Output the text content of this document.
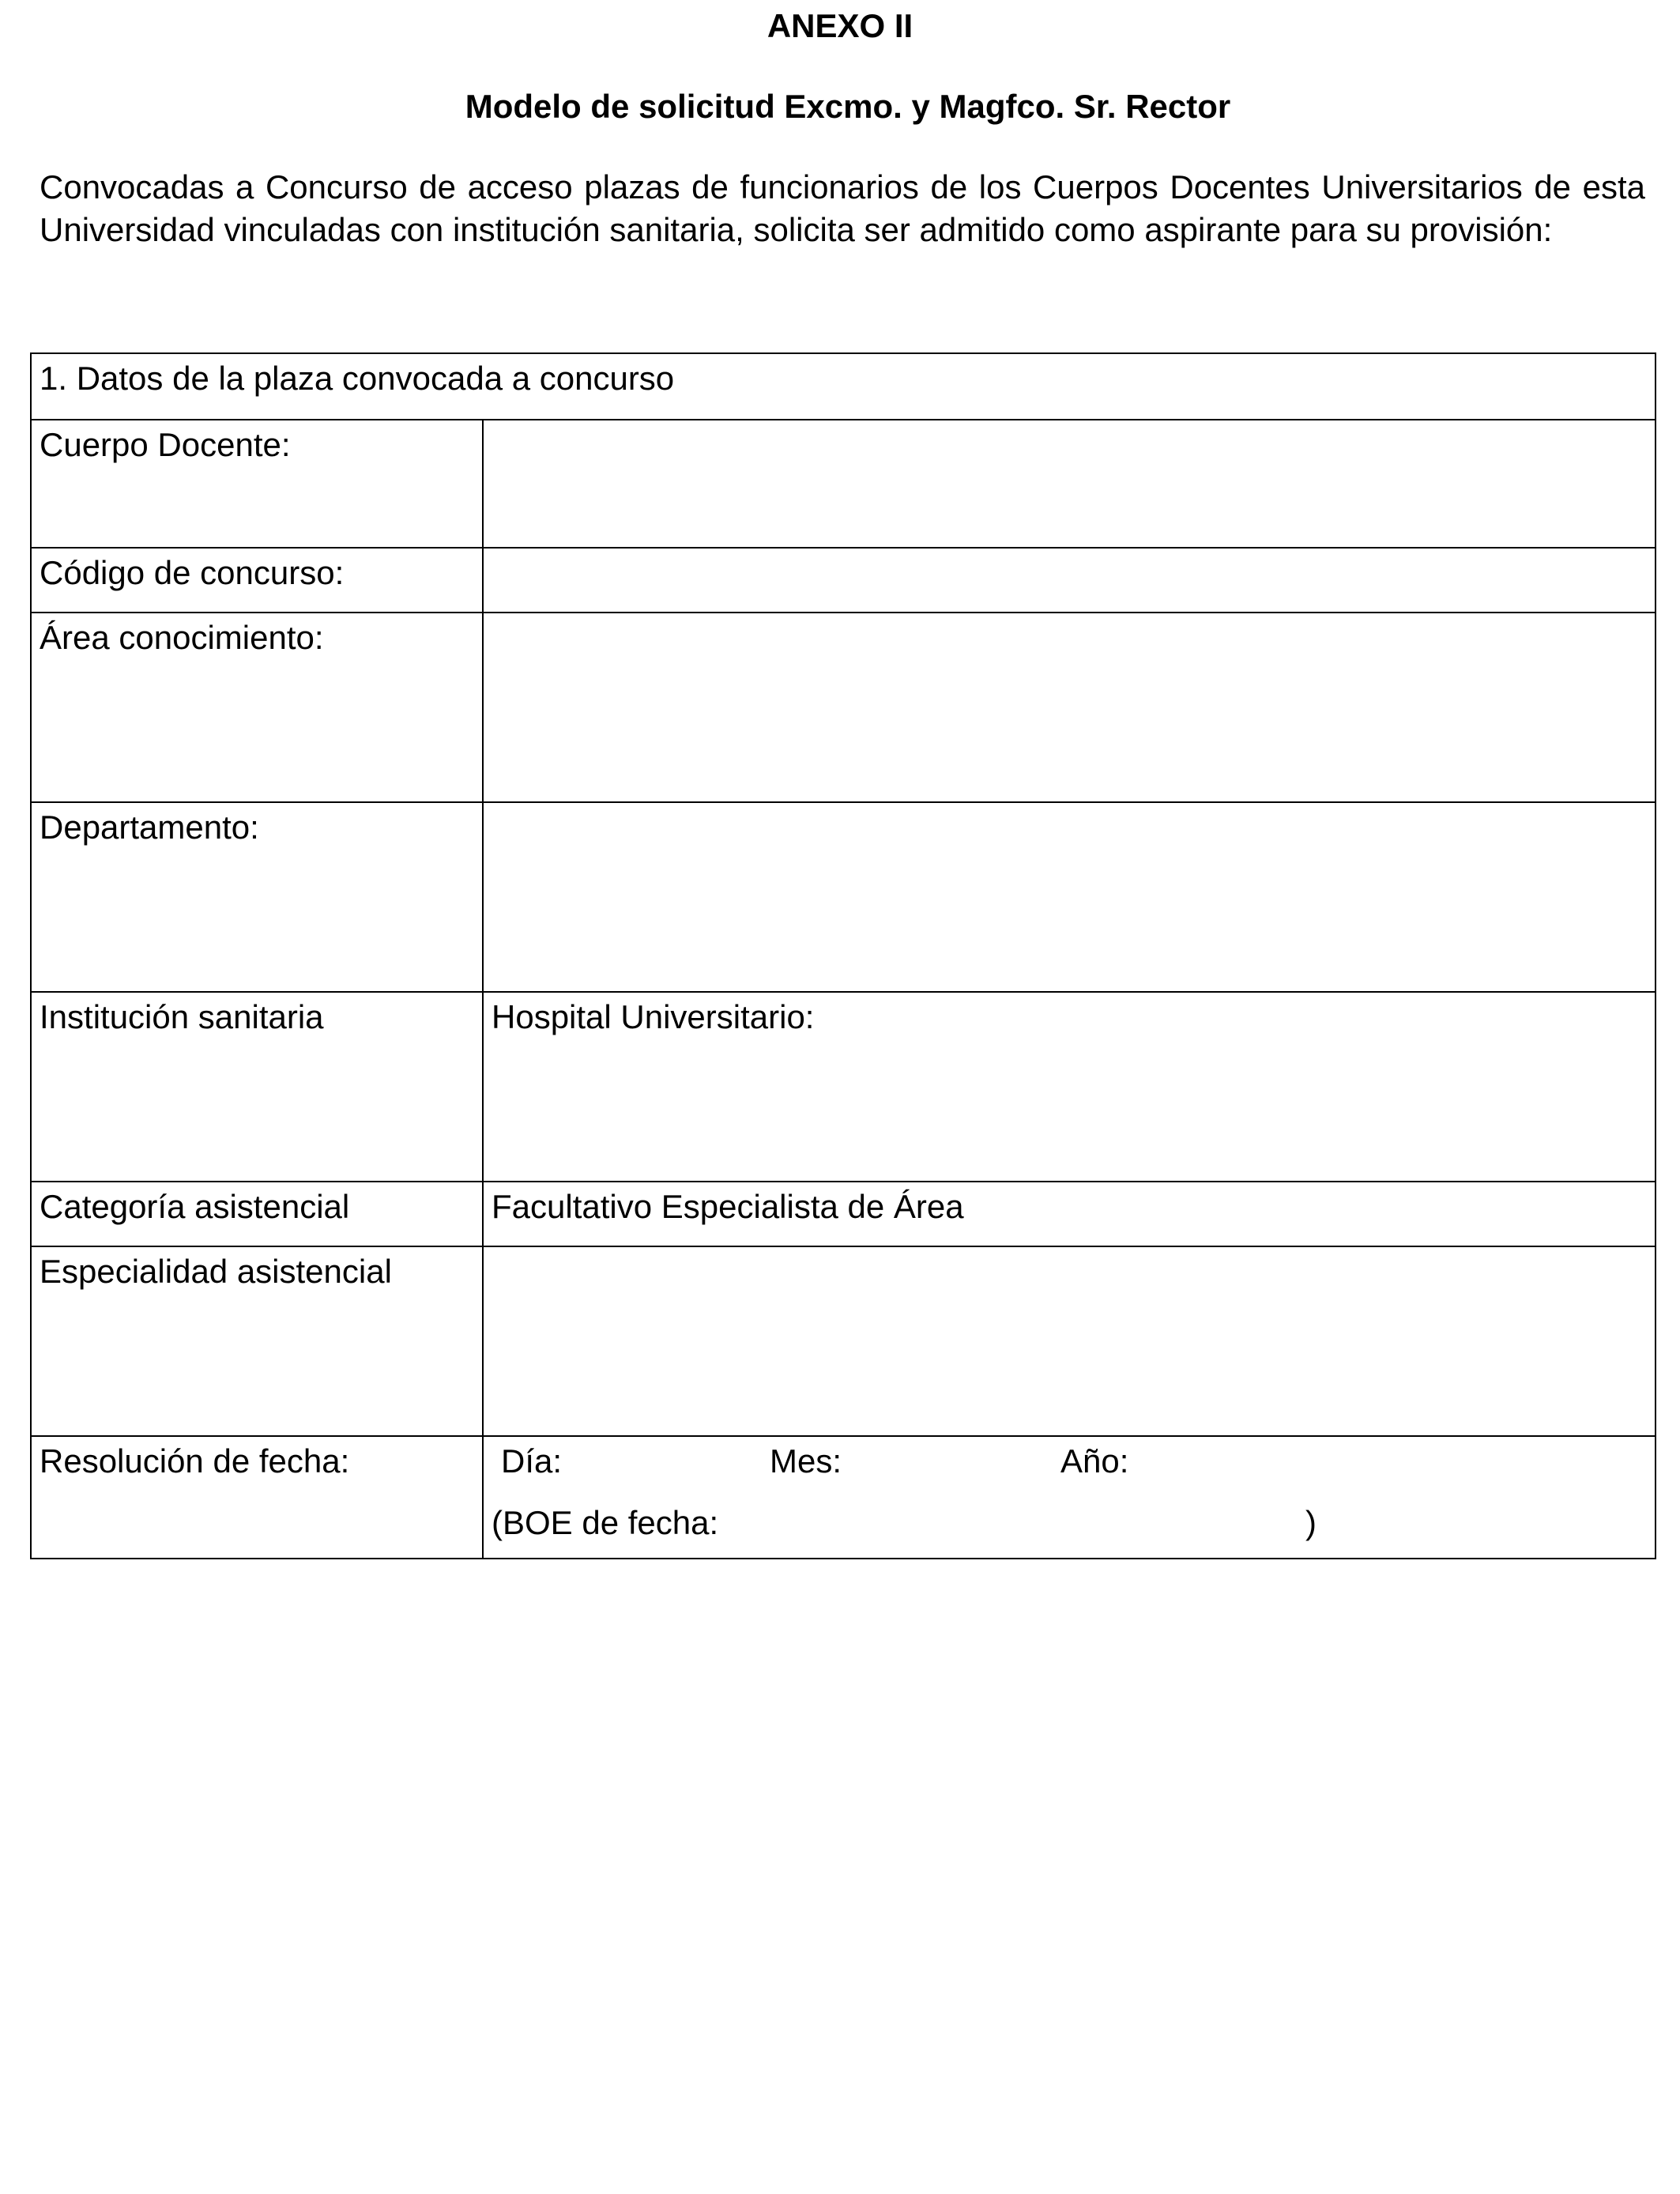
ANEXO II
Modelo de solicitud Excmo. y Magfco. Sr. Rector
Convocadas a Concurso de acceso plazas de funcionarios de los Cuerpos Docentes Universitarios de esta Universidad vinculadas con institución sanitaria, solicita ser admitido como aspirante para su provisión:
1. Datos de la plaza convocada a concurso
Cuerpo Docente:
Código de concurso:
Área conocimiento:
Departamento:
Institución sanitaria	Hospital Universitario:
Categoría asistencial	Facultativo Especialista de Área
Especialidad asistencial
Resolución de fecha:	Día:	Mes:	Año:
(BOE de fecha:	)
